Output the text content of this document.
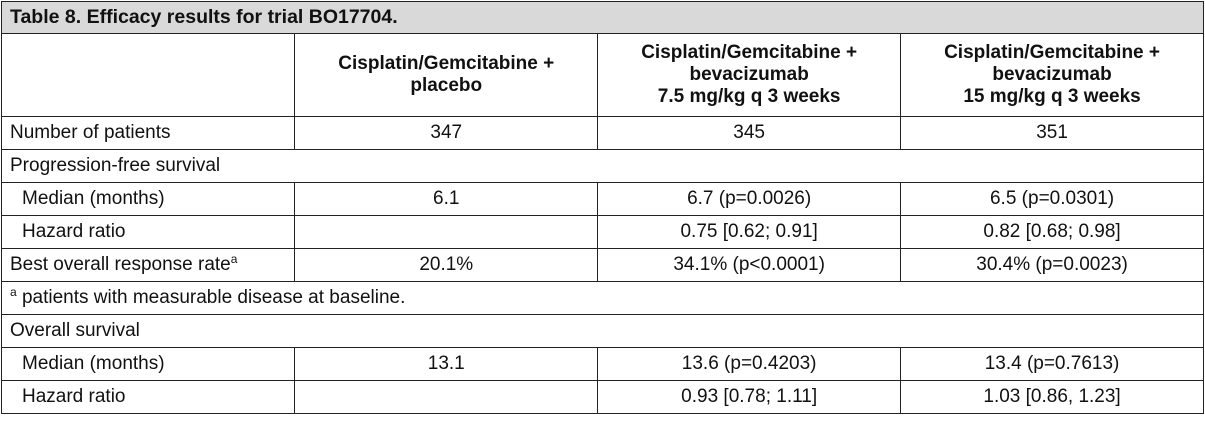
Table 8. Efficacy results for trial BO17704.			

	Cisplatin/Gemcitabine +
placebo	Cisplatin/Gemcitabine +
bevacizumab
7.5 mg/kg q 3 weeks	Cisplatin/Gemcitabine +
bevacizumab
15 mg/kg q 3 weeks

Number of patients	347	345	351
Progression-free survival			
Median (months)	6.1	6.7 (p=0.0026)	6.5 (p=0.0301)
Hazard ratio		0.75 [0.62; 0.91]	0.82 [0.68; 0.98]
Best overall response rate$^a$	20.1%	34.1% (p<0.0001)	30.4% (p=0.0023)
$^a$ patients with measurable disease at baseline.			
Overall survival			
Median (months)	13.1	13.6 (p=0.4203)	13.4 (p=0.7613)
Hazard ratio		0.93 [0.78; 1.11]	1.03 [0.86, 1.23]
